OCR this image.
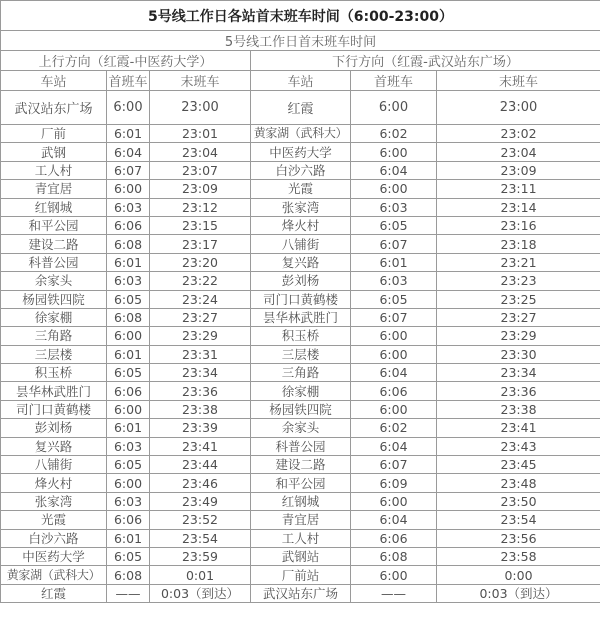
5号线工作日各站首末班车时间（6:00-23:00）					
5号线工作日首末班车时间					
上行方向（红霞-中医药大学）			下行方向（红霞-武汉站东广场）		
车站	首班车	末班车	车站	首班车	末班车
武汉站东广场	6:00	23:00	红霞	6:00	23:00
厂前	6:01	23:01	黄家湖（武科大）	6:02	23:02
武钢	6:04	23:04	中医药大学	6:00	23:04
工人村	6:07	23:07	白沙六路	6:04	23:09
青宜居	6:00	23:09	光霞	6:00	23:11
红钢城	6:03	23:12	张家湾	6:03	23:14
和平公园	6:06	23:15	烽火村	6:05	23:16
建设二路	6:08	23:17	八铺街	6:07	23:18
科普公园	6:01	23:20	复兴路	6:01	23:21
余家头	6:03	23:22	彭刘杨	6:03	23:23
杨园铁四院	6:05	23:24	司门口黄鹤楼	6:05	23:25
徐家棚	6:08	23:27	昙华林武胜门	6:07	23:27
三角路	6:00	23:29	积玉桥	6:00	23:29
三层楼	6:01	23:31	三层楼	6:00	23:30
积玉桥	6:05	23:34	三角路	6:04	23:34
昙华林武胜门	6:06	23:36	徐家棚	6:06	23:36
司门口黄鹤楼	6:00	23:38	杨园铁四院	6:00	23:38
彭刘杨	6:01	23:39	余家头	6:02	23:41
复兴路	6:03	23:41	科普公园	6:04	23:43
八铺街	6:05	23:44	建设二路	6:07	23:45
烽火村	6:00	23:46	和平公园	6:09	23:48
张家湾	6:03	23:49	红钢城	6:00	23:50
光霞	6:06	23:52	青宜居	6:04	23:54
白沙六路	6:01	23:54	工人村	6:06	23:56
中医药大学	6:05	23:59	武钢站	6:08	23:58
黄家湖（武科大）	6:08	0:01	厂前站	6:00	0:00
红霞	——	0:03（到达）	武汉站东广场	——	0:03（到达）
